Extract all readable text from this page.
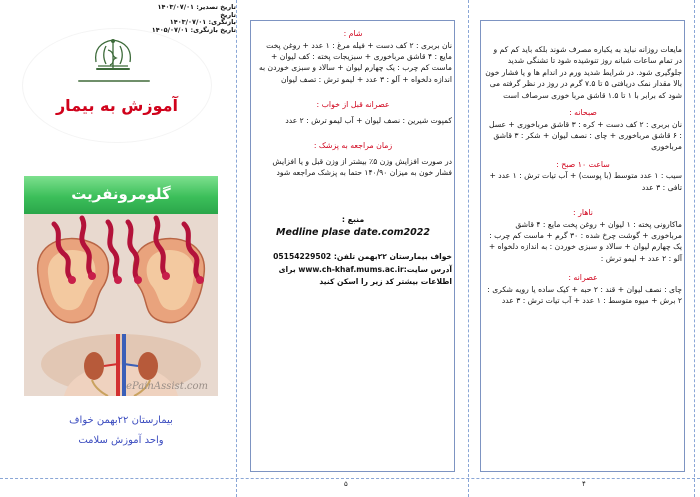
تاریخ تصدیر: ۱۴۰۳/۰۷/۰۱
تاریخ
بازنگری: ۱۴۰۳/۰۷/۰۱
تاریخ بازنگری: ۱۴۰۵/۰۷/۰۱
آموزش به بیمار
گلومرونفریت
ePainAssist.com
بیمارستان ۲۲بهمن خواف
واحد آموزش سلامت
شام :
نان بربری : ۲ کف دست + فیله مرغ : ۱ عدد + روغن پخت مایع : ۴ قاشق مرباخوری + سبزیجات پخته : کف لیوان + ماست کم چرب : یک چهارم لیوان + سالاد و سبزی خوردن به اندازه دلخواه + آلو : ۳ عدد + لیمو ترش : تصف لیوان
عصرانه قبل از خواب :
کمپوت شیرین : نصف لیوان + آب لیمو ترش : ۲ عدد
زمان مراجعه به پزشک :
در صورت افزایش وزن ۵٪ بیشتر از وزن قبل و یا افزایش فشار خون به میزان ۱۴۰/۹۰ حتما به پزشک مراجعه شود
منبع :
Medline plase date.com2022
خواف بیمارستان ۲۲بهمن تلفن: 05154229502
آدرس سایت:www.ch-khaf.mums.ac.ir برای اطلاعات بیشتر کد زیر را اسکن کنید
۵
مایعات روزانه نباید به یکباره مصرف شوند بلکه باید کم کم و در تمام ساعات شبانه روز تنوشیده شود تا تشنگی شدید جلوگیری شود. در شرایط شدید ورم در اندام ها و یا فشار خون بالا مقدار نمک دریافتی ۵ تا ۷.۵ گرم در روز در نظر گرفته می شود که برابر با ۱ تا ۱.۵ قاشق مربا خوری سرصاف است
صبحانه :
نان بربری : ۲ کف دست + کره : ۳ قاشق مرباخوری + عسل : ۶ قاشق مرباخوری + چای : نصف لیوان + شکر : ۳ قاشق مرباخوری
ساعت ۱۰ صبح :
سیب : ۱ عدد متوسط (با پوست) + آب تیات ترش : ۱ عدد + تافی : ۳ عدد
ناهار :
ماکارونی پخته : ۱ لیوان + روغن پخت مایع : ۴ قاشق مرباخوری + گوشت چرخ شده : ۳۰ گرم + ماست کم چرب : یک چهارم لیوان + سالاد و سبزی خوردن : به اندازه دلخواه + آلو : ۲ عدد + لیمو ترش :
عصرانه :
چای : نصف لیوان + قند : ۲ حبه + کیک ساده یا رویه شکری : ۲ برش + میوه متوسط : ۱ عدد + آب تیات ترش : ۳ عدد
۴
